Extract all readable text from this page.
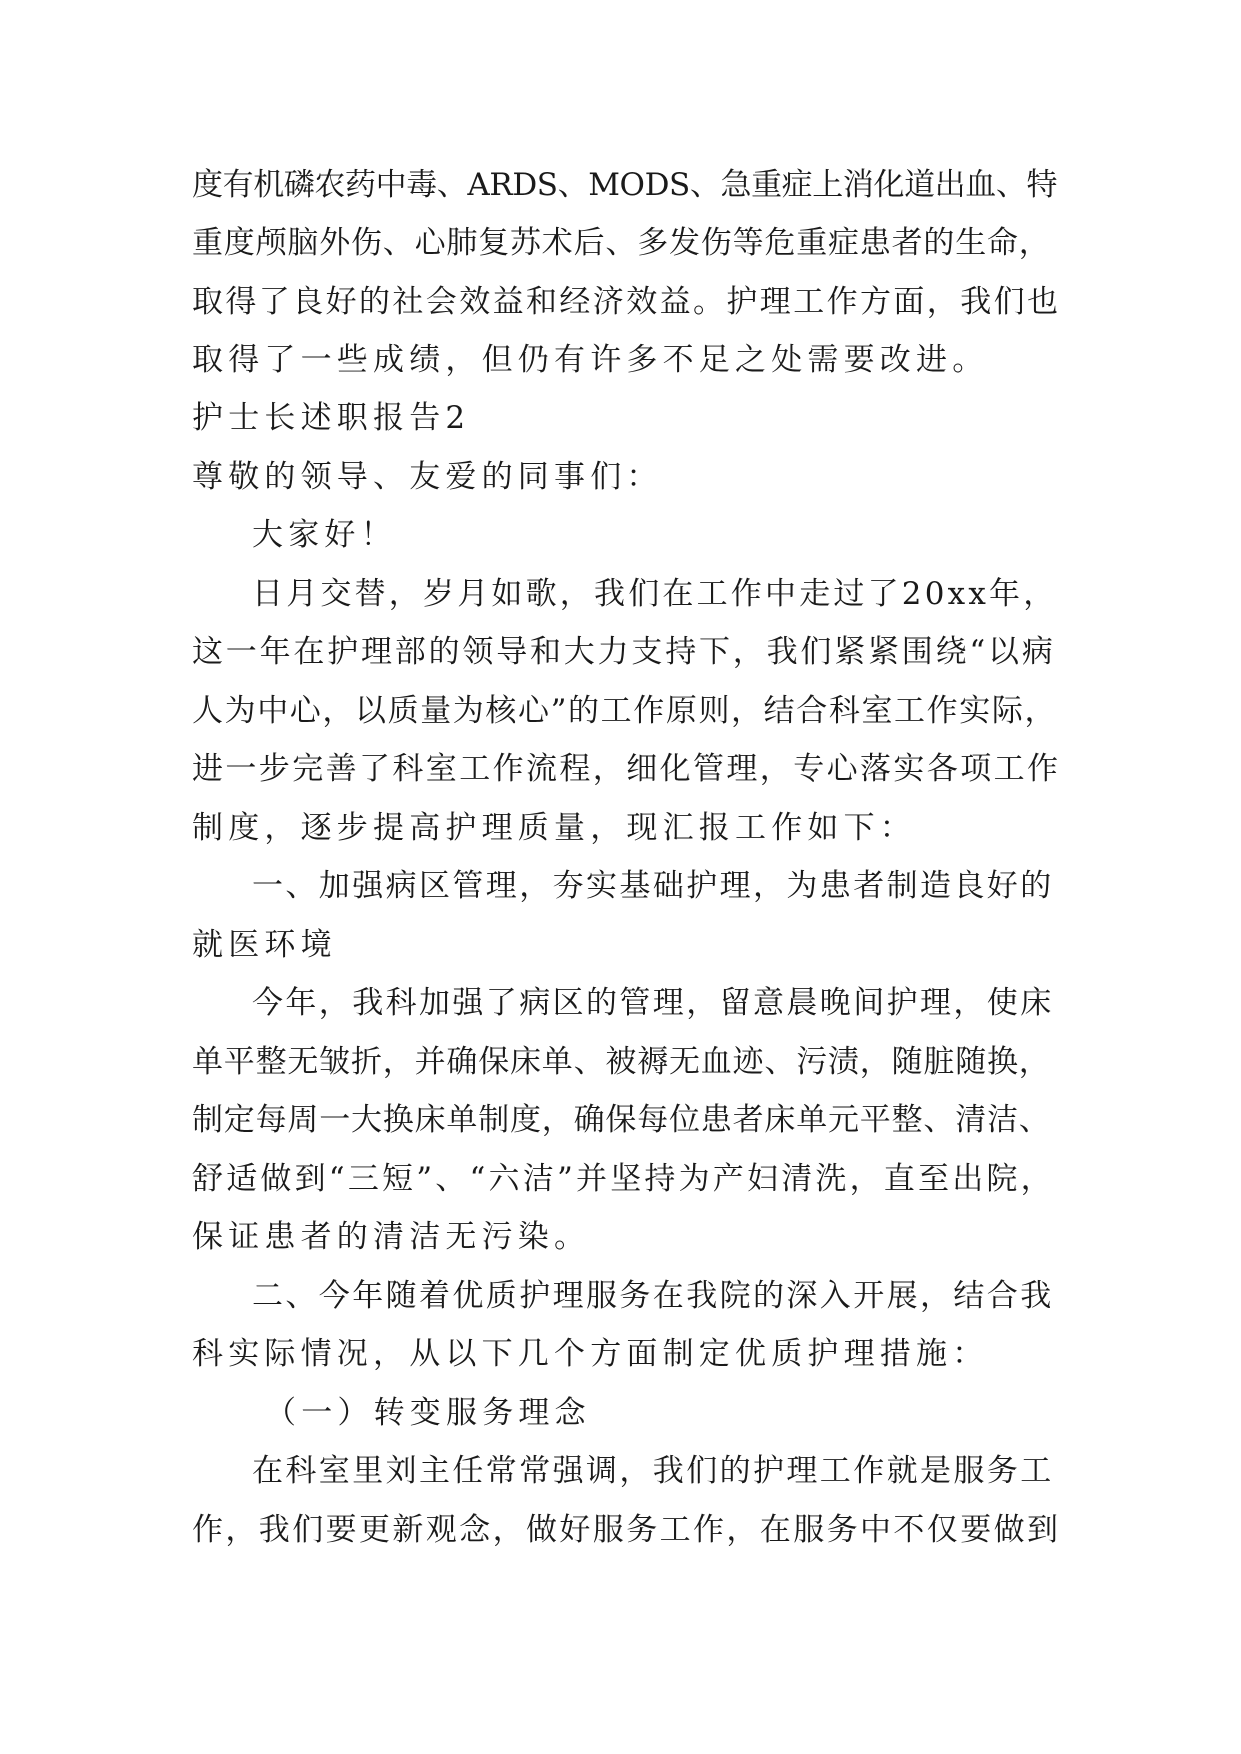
度有机磷农药中毒、ARDS、MODS、急重症上消化道出血、特
重度颅脑外伤、心肺复苏术后、多发伤等危重症患者的生命，
取得了良好的社会效益和经济效益。护理工作方面，我们也
取得了一些成绩，但仍有许多不足之处需要改进。
护士长述职报告2
尊敬的领导、友爱的同事们：
大家好！
日月交替，岁月如歌，我们在工作中走过了20xx年，
这一年在护理部的领导和大力支持下，我们紧紧围绕“以病
人为中心，以质量为核心”的工作原则，结合科室工作实际，
进一步完善了科室工作流程，细化管理，专心落实各项工作
制度，逐步提高护理质量，现汇报工作如下：
一、加强病区管理，夯实基础护理，为患者制造良好的
就医环境
今年，我科加强了病区的管理，留意晨晚间护理，使床
单平整无皱折，并确保床单、被褥无血迹、污渍，随脏随换，
制定每周一大换床单制度，确保每位患者床单元平整、清洁、
舒适做到“三短”、“六洁”并坚持为产妇清洗，直至出院，
保证患者的清洁无污染。
二、今年随着优质护理服务在我院的深入开展，结合我
科实际情况，从以下几个方面制定优质护理措施：
（一）转变服务理念
在科室里刘主任常常强调，我们的护理工作就是服务工
作，我们要更新观念，做好服务工作，在服务中不仅要做到
